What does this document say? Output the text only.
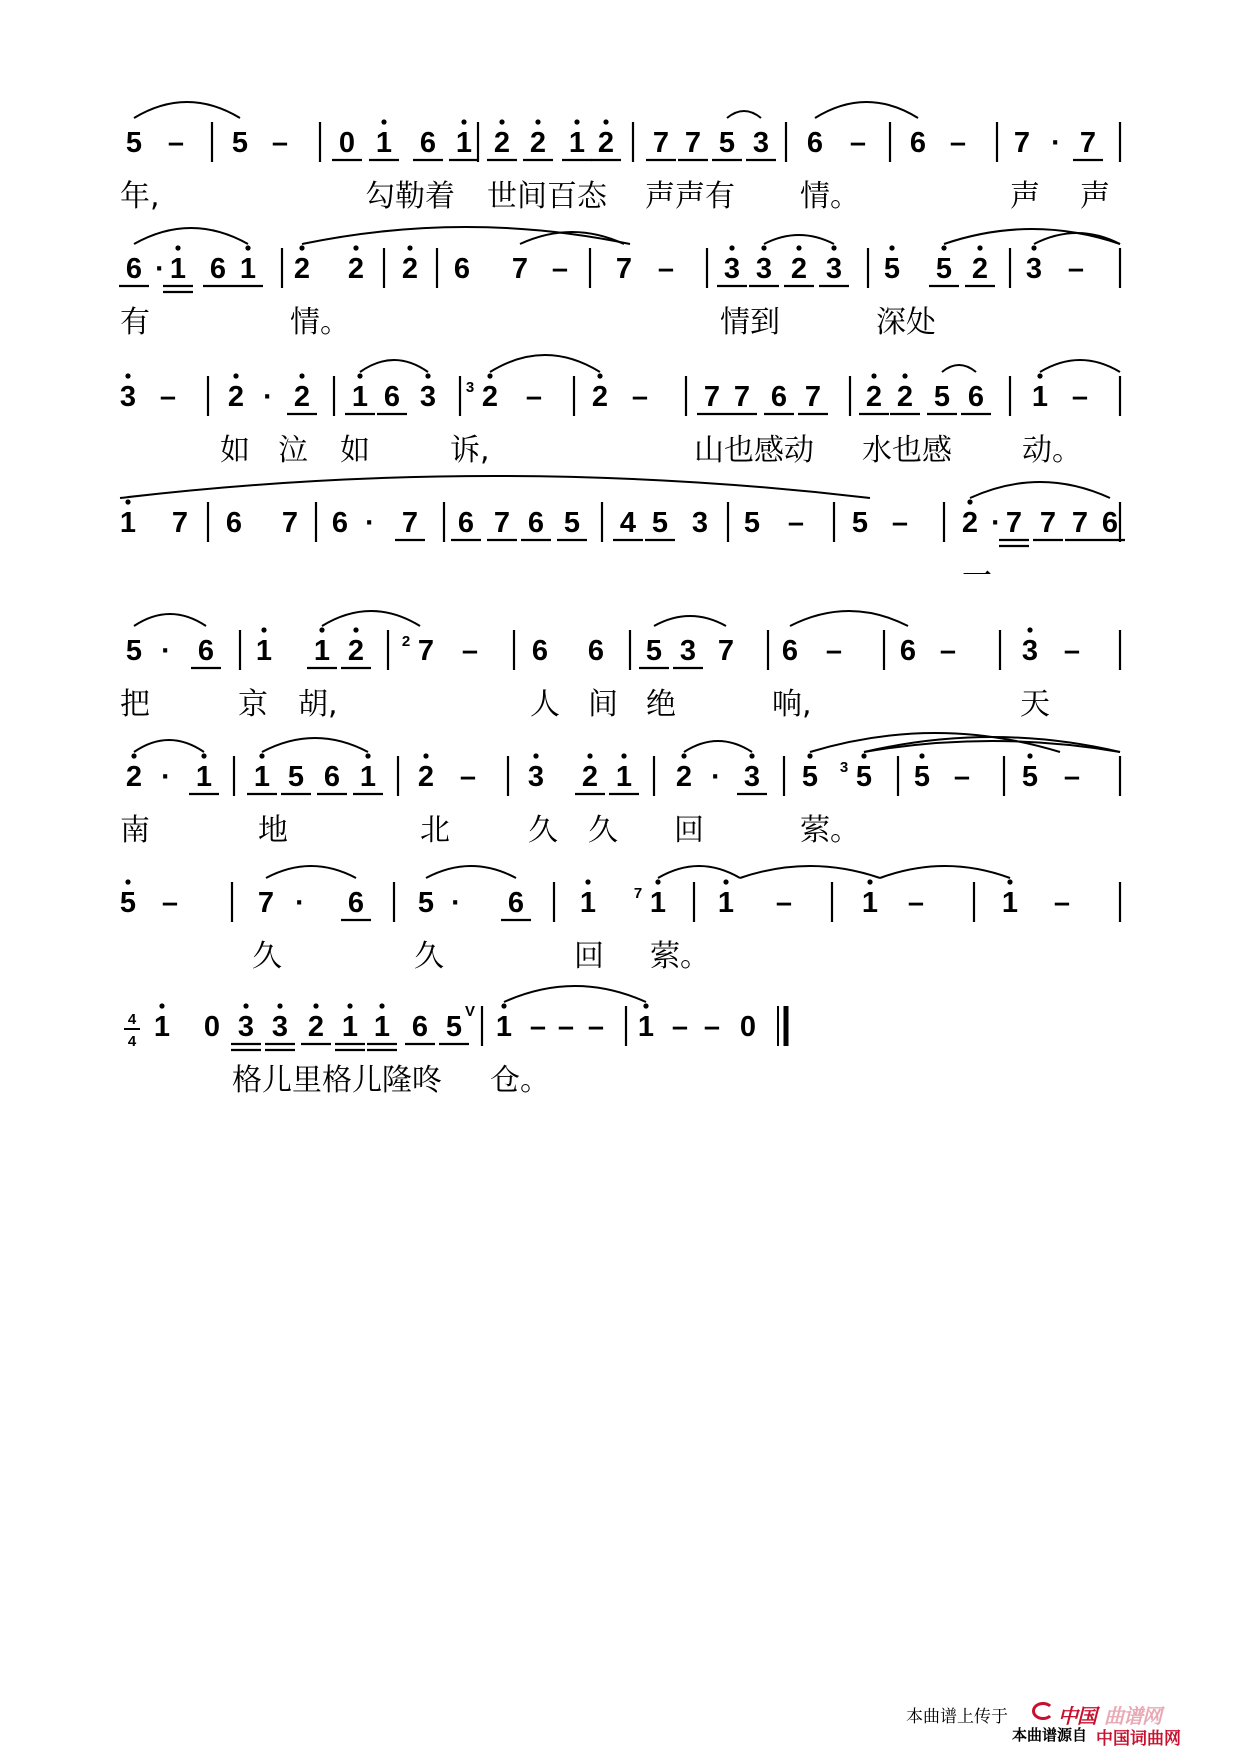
5 – 5 – 0 1 6 1 2 2 1 2 7 7 5 3 6 – 6 – 7 · 7
年,	勾勒着 世间百态 声声有 情。	声 声
6 · 1 6 1 2 2 2 6 7 – 7 – 3 3 2 3 5 5 2 3 –
有	情。	情到	深处
3 – 2 · 2 1 6 3 2
3 – 2 – 7 7 6 7 2 2 5 6 1 –
如 泣 如	诉,	山也感动 水也感 动。
1 7 6 7 6 · 7 6 7 6 5 4 5 3 5 – 5 – 2 · 7 7 7 6
一
5 · 6 1 1 2 7
2 – 6 6 5 3 7 6 – 6 – 3 –
把	京 胡,	人 间 绝	响,	天
2 · 1 1 5 6 1 2 – 3 2 1 2 · 3 5 5
3 5 – 5 –
南	地	北	久 久 回	萦。
5 –	7 · 6 5 · 6 1 1
7	1 – 1 –	1 –
久	久	回 萦。
1 0 3 3 2 1 1 6 5 1 – – – 1 – – 0
格儿里格儿隆咚 仓。
4
4
V
本曲谱上传于	中国 曲谱网
本曲谱源自 中国词曲网
